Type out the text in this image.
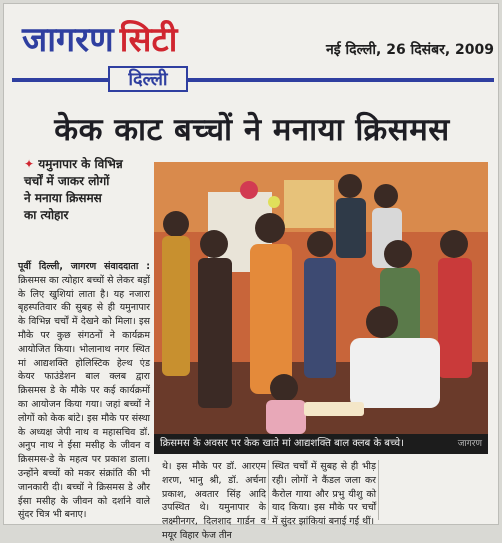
जागरण सिटी
दिल्ली
नई दिल्ली, 26 दिसंबर, 2009
केक काट बच्चों ने मनाया क्रिसमस
✦ यमुनापार के विभिन्न
चर्चों में जाकर लोगों
ने मनाया क्रिसमस
का त्योहार
क्रिसमस के अवसर पर केक खाते मां आद्यशक्ति बाल क्लब के बच्चे।	जागरण

पूर्वी दिल्ली, जागरण संवाददाता : क्रिसमस का त्योहार बच्चों से लेकर बड़ों के लिए खुशियां लाता है। यह नजारा बृहस्पतिवार की सुबह से ही यमुनापार के विभिन्न चर्चों में देखने को मिला। इस मौके पर कुछ संगठनों ने कार्यक्रम आयोजित किया। भोलानाथ नगर स्थित मां आद्यशक्ति होलिस्टिक हेल्थ एंड केयर फाउंडेशन बाल क्लब द्वारा क्रिसमस डे के मौके पर कई कार्यक्रमों का आयोजन किया गया। जहां बच्चों ने लोगों को केक बांटे। इस मौके पर संस्था के अध्यक्ष जेपी नाथ व महासचिव डॉ. अनुप नाथ ने ईसा मसीह के जीवन व क्रिसमस-डे के महत्व पर प्रकाश डाला। उन्होंने बच्चों को मकर संक्रांति की भी जानकारी दी। बच्चों ने क्रिसमस डे और ईसा मसीह के जीवन को दर्शाने वाले सुंदर चित्र भी बनाए।

थे। इस मौके पर डॉ. आरएम शरण, भानु श्री, डॉ. अर्चना प्रकाश, अवतार सिंह आदि उपस्थित थे। यमुनापार के लक्ष्मीनगर, दिलशाद गार्डन व मयूर विहार फेज तीन
स्थित चर्चों में सुबह से ही भीड़ रही। लोगों ने कैंडल जला कर कैरोल गाया और प्रभु यीशु को याद किया। इस मौके पर चर्चों में सुंदर झांकियां बनाई गई थीं।
